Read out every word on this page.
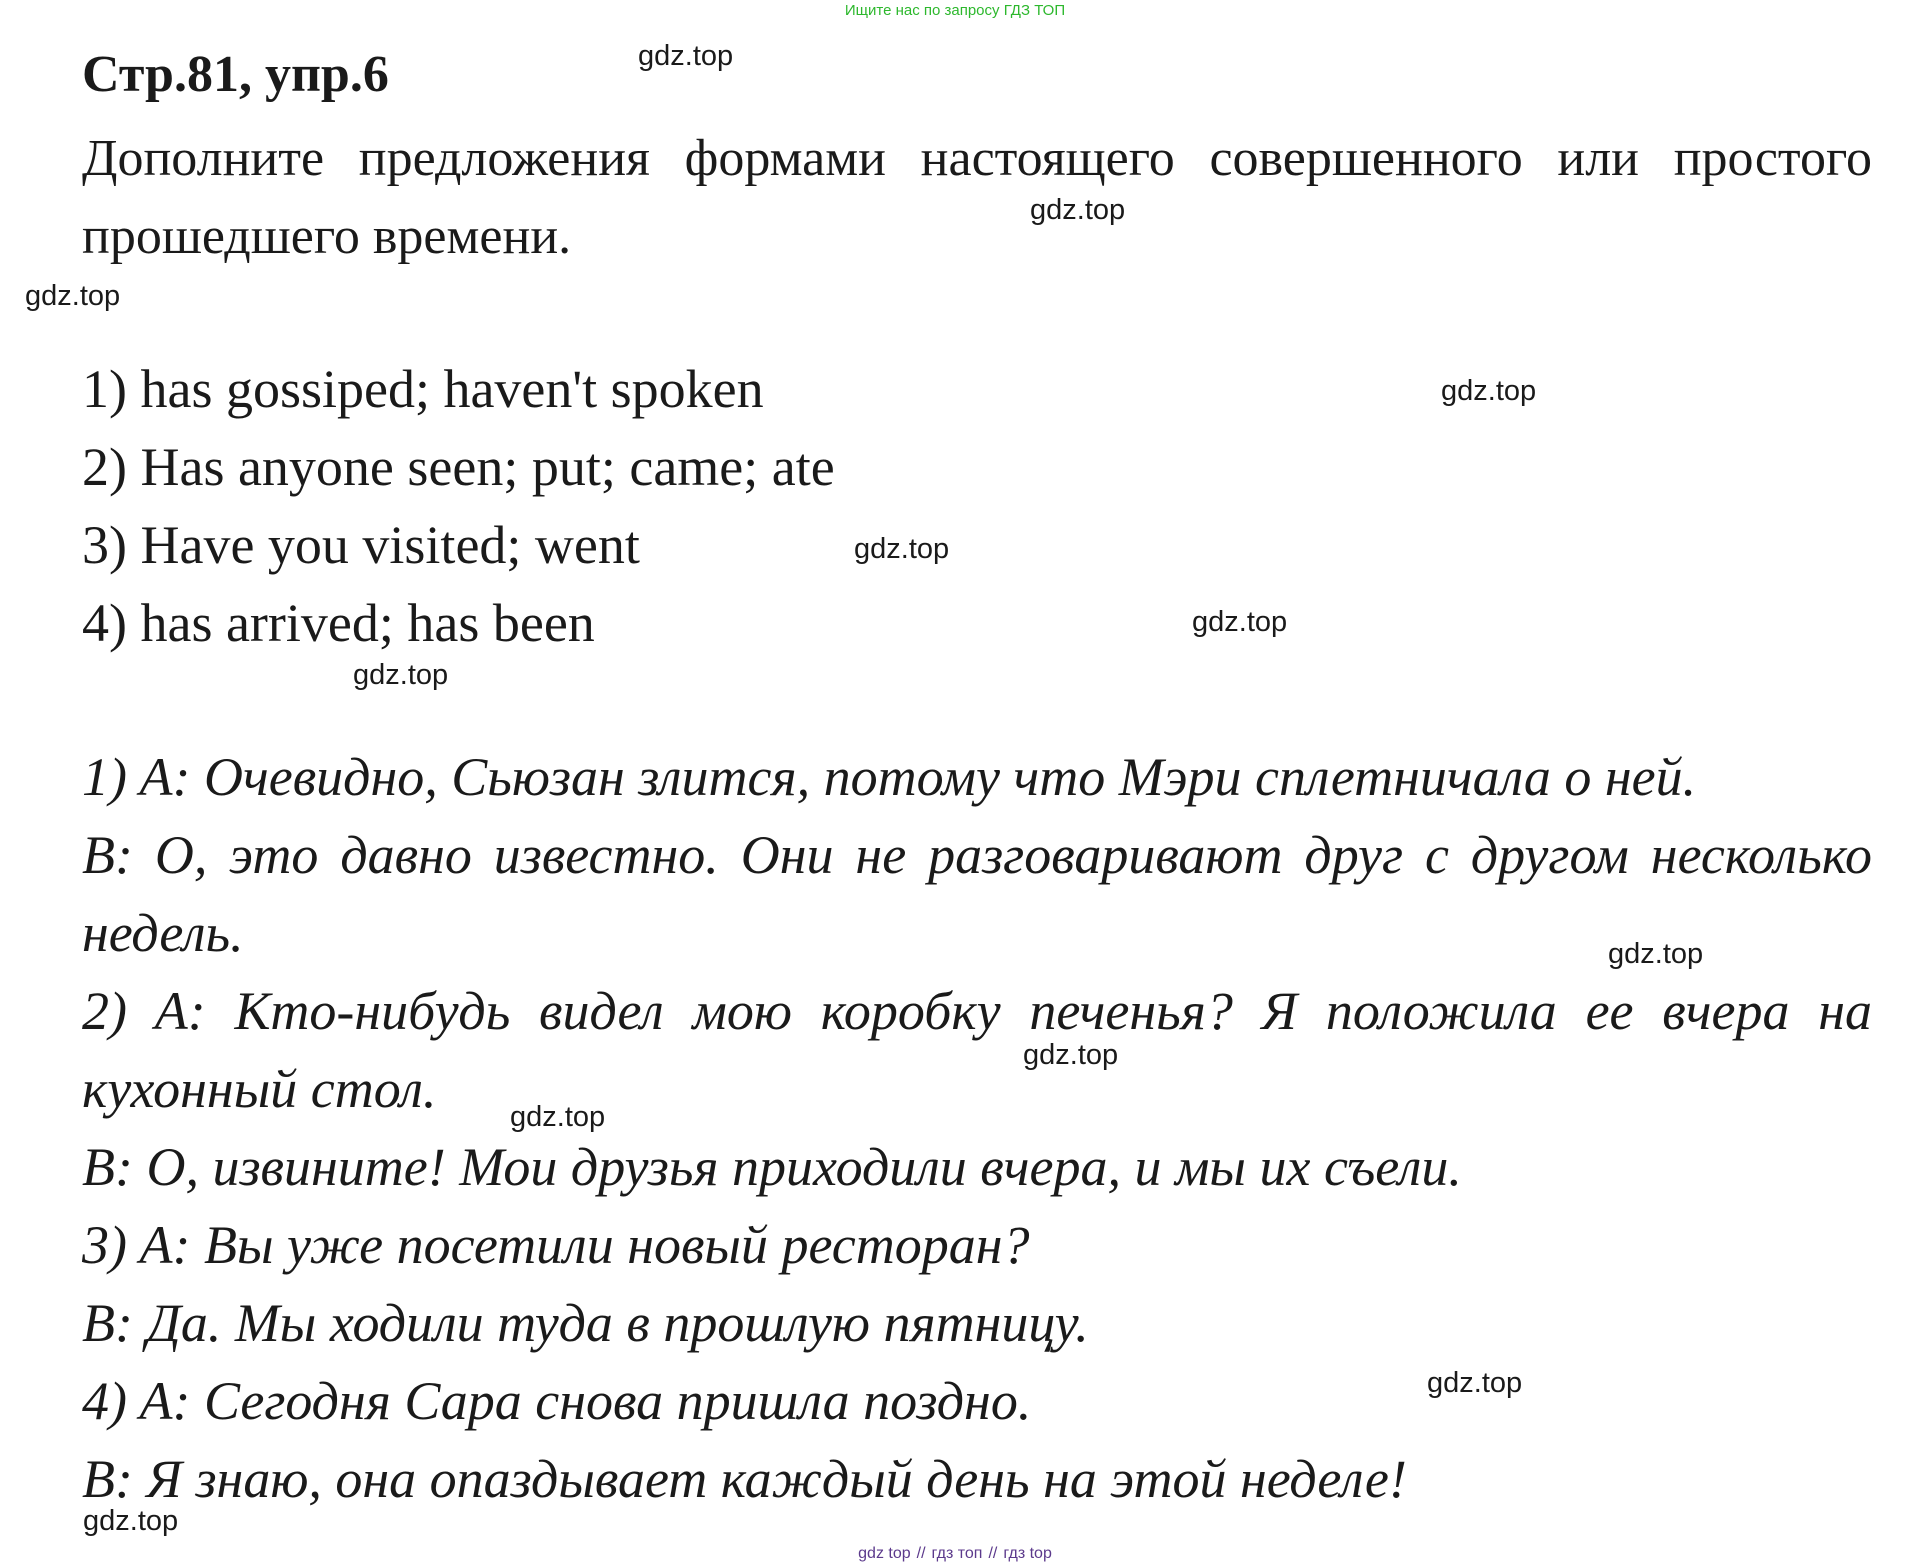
Ищите нас по запросу ГДЗ ТОП
Стр.81, упр.6

Дополните предложения формами настоящего совершенного или простого прошедшего времени.

1) has gossiped; haven't spoken
2) Has anyone seen; put; came; ate
3) Have you visited; went
4) has arrived; has been

1) A: Очевидно, Сьюзан злится, потому что Мэри сплетничала о ней.

B: О, это давно известно. Они не разговаривают друг с другом несколько недель.

2) A: Кто-нибудь видел мою коробку печенья? Я положила ее вчера на кухонный стол.

B: О, извините! Мои друзья приходили вчера, и мы их съели.

3) A: Вы уже посетили новый ресторан?

B: Да. Мы ходили туда в прошлую пятницу.

4) A: Сегодня Сара снова пришла поздно.

B: Я знаю, она опаздывает каждый день на этой неделе!

gdz.top
gdz.top
gdz.top
gdz.top
gdz.top
gdz.top
gdz.top
gdz.top
gdz.top
gdz.top
gdz.top
gdz.top
gdz top // гдз топ // гдз top
